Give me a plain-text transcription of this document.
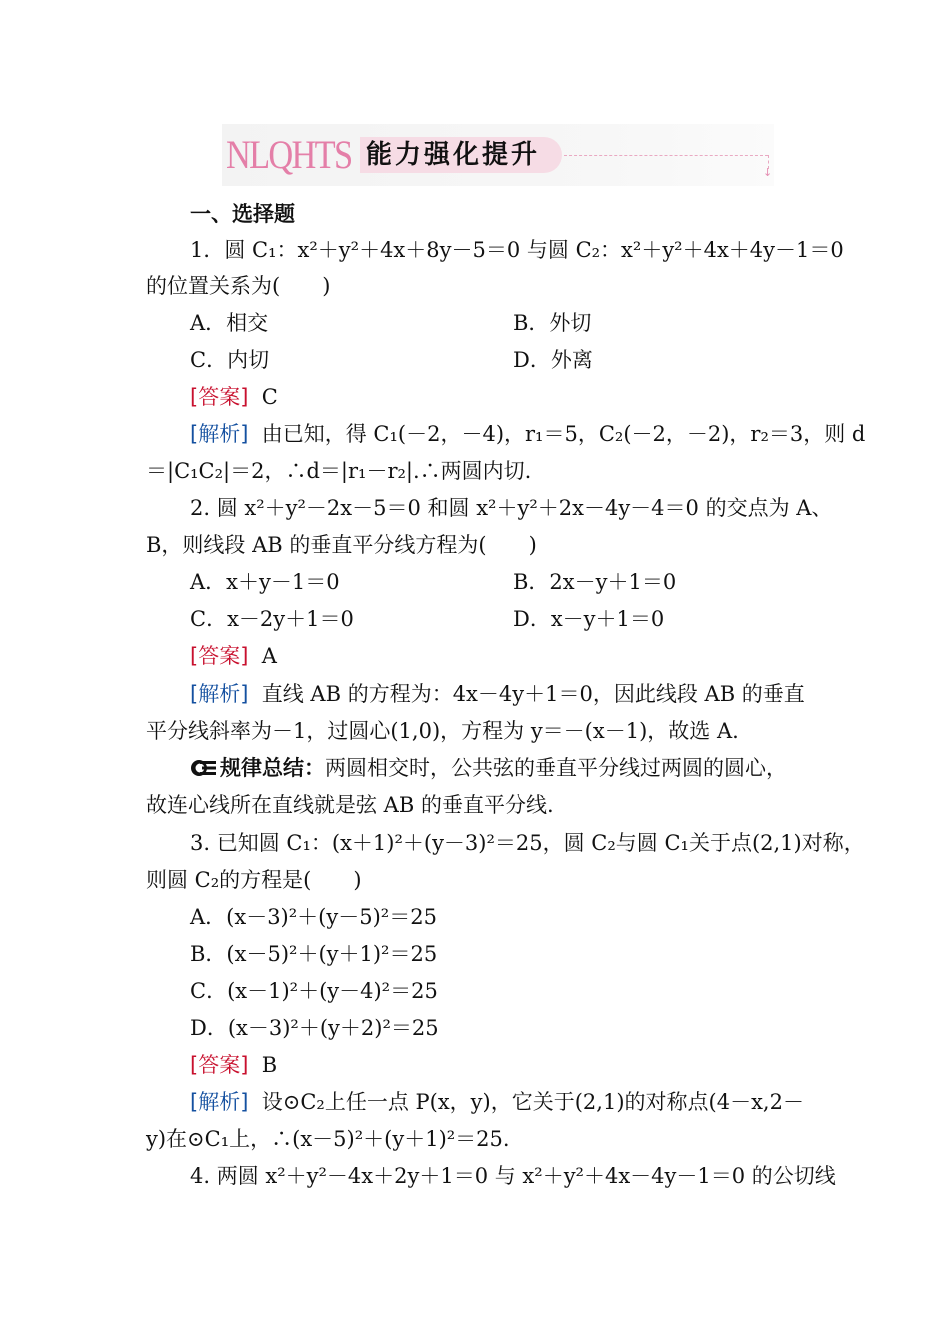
NLQHTS 能力强化提升
↓
一、选择题
1．圆 C₁：x²＋y²＋4x＋8y－5＝0 与圆 C₂：x²＋y²＋4x＋4y－1＝0
的位置关系为(　　)
A．相交	B．外切
C．内切	D．外离
[答案] C
[解析] 由已知，得 C₁(－2，－4)，r₁＝5，C₂(－2，－2)，r₂＝3，则 d
＝|C₁C₂|＝2，∴d＝|r₁－r₂|.∴两圆内切.
2. 圆 x²＋y²－2x－5＝0 和圆 x²＋y²＋2x－4y－4＝0 的交点为 A、
B，则线段 AB 的垂直平分线方程为(　　)
A．x＋y－1＝0	B．2x－y＋1＝0
C．x－2y＋1＝0	D．x－y＋1＝0
[答案] A
[解析] 直线 AB 的方程为：4x－4y＋1＝0，因此线段 AB 的垂直
平分线斜率为－1，过圆心(1,0)，方程为 y＝－(x－1)，故选 A.
规律总结：两圆相交时，公共弦的垂直平分线过两圆的圆心，
故连心线所在直线就是弦 AB 的垂直平分线.
3. 已知圆 C₁：(x＋1)²＋(y－3)²＝25，圆 C₂与圆 C₁关于点(2,1)对称，
则圆 C₂的方程是(　　)
A．(x－3)²＋(y－5)²＝25
B．(x－5)²＋(y＋1)²＝25
C．(x－1)²＋(y－4)²＝25
D．(x－3)²＋(y＋2)²＝25
[答案] B
[解析] 设⊙C₂上任一点 P(x，y)，它关于(2,1)的对称点(4－x,2－
y)在⊙C₁上，∴(x－5)²＋(y＋1)²＝25.
4. 两圆 x²＋y²－4x＋2y＋1＝0 与 x²＋y²＋4x－4y－1＝0 的公切线
